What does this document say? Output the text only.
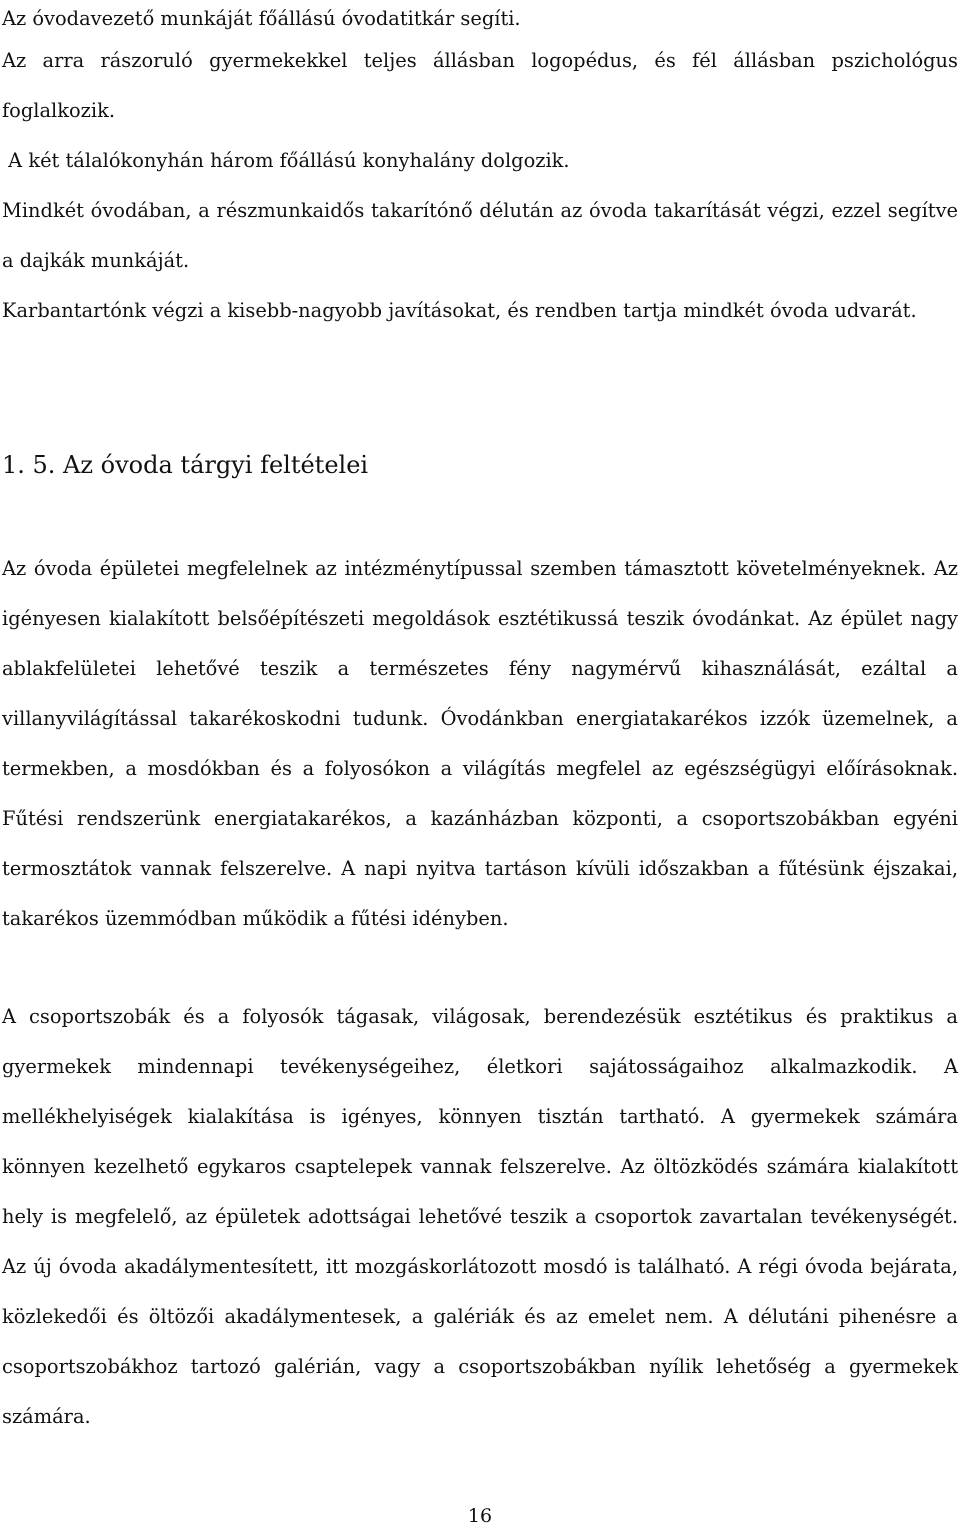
Az óvodavezető munkáját főállású óvodatitkár segíti.

Az arra rászoruló gyermekekkel teljes állásban logopédus, és fél állásban pszichológus foglalkozik.

A két tálalókonyhán három főállású konyhalány dolgozik.

Mindkét óvodában, a részmunkaidős takarítónő délután az óvoda takarítását végzi, ezzel segítve a dajkák munkáját.

Karbantartónk végzi a kisebb-nagyobb javításokat, és rendben tartja mindkét óvoda udvarát.

1. 5. Az óvoda tárgyi feltételei

Az óvoda épületei megfelelnek az intézménytípussal szemben támasztott követelményeknek. Az igényesen kialakított belsőépítészeti megoldások esztétikussá teszik óvodánkat. Az épület nagy ablakfelületei lehetővé teszik a természetes fény nagymérvű kihasználását, ezáltal a villanyvilágítással takarékoskodni tudunk. Óvodánkban energiatakarékos izzók üzemelnek, a termekben, a mosdókban és a folyosókon a világítás megfelel az egészségügyi előírásoknak. Fűtési rendszerünk energiatakarékos, a kazánházban központi, a csoportszobákban egyéni termosztátok vannak felszerelve. A napi nyitva tartáson kívüli időszakban a fűtésünk éjszakai, takarékos üzemmódban működik a fűtési idényben.

A csoportszobák és a folyosók tágasak, világosak, berendezésük esztétikus és praktikus a gyermekek mindennapi tevékenységeihez, életkori sajátosságaihoz alkalmazkodik. A mellékhelyiségek kialakítása is igényes, könnyen tisztán tartható. A gyermekek számára könnyen kezelhető egykaros csaptelepek vannak felszerelve. Az öltözködés számára kialakított hely is megfelelő, az épületek adottságai lehetővé teszik a csoportok zavartalan tevékenységét. Az új óvoda akadálymentesített, itt mozgáskorlátozott mosdó is található. A régi óvoda bejárata, közlekedői és öltözői akadálymentesek, a galériák és az emelet nem. A délutáni pihenésre a csoportszobákhoz tartozó galérián, vagy a csoportszobákban nyílik lehetőség a gyermekek számára.

16
